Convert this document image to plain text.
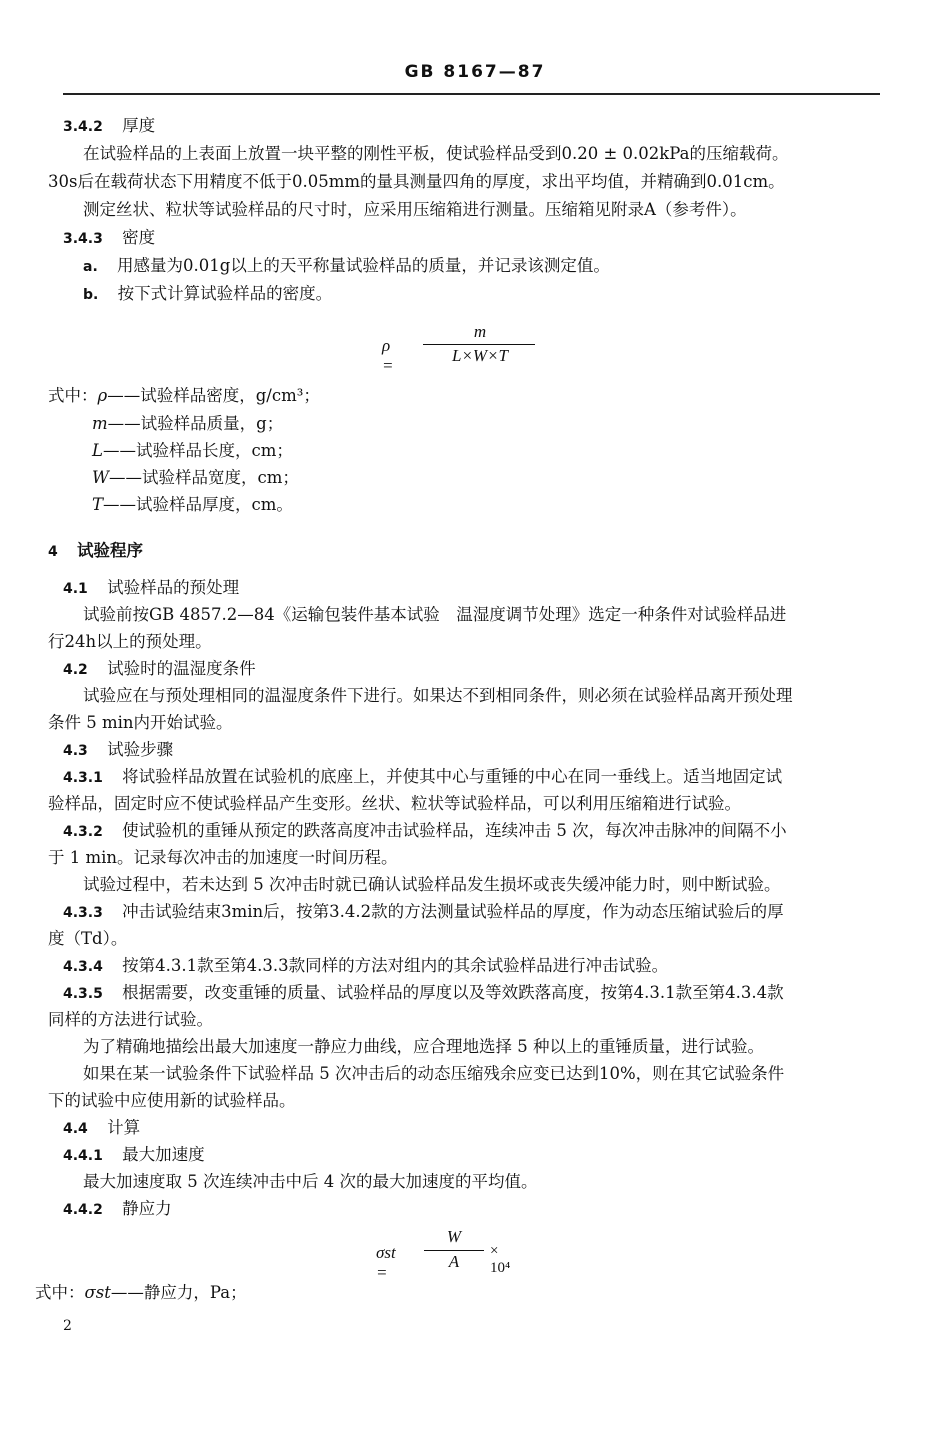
GB 8167—87
3.4.2 厚度
在试验样品的上表面上放置一块平整的刚性平板，使试验样品受到0.20 ± 0.02kPa的压缩载荷。
30s后在载荷状态下用精度不低于0.05mm的量具测量四角的厚度，求出平均值，并精确到0.01cm。
测定丝状、粒状等试验样品的尺寸时，应采用压缩箱进行测量。压缩箱见附录A（参考件）。
3.4.3 密度
a. 用感量为0.01g以上的天平称量试验样品的质量，并记录该测定值。
b. 按下式计算试验样品的密度。
ρ =
m
L×W×T
式中：ρ——试验样品密度，g/cm³；
m——试验样品质量，g；
L——试验样品长度，cm；
W——试验样品宽度，cm；
T——试验样品厚度，cm。
4 试验程序
4.1 试验样品的预处理
试验前按GB 4857.2—84《运输包装件基本试验　温湿度调节处理》选定一种条件对试验样品进
行24h以上的预处理。
4.2 试验时的温湿度条件
试验应在与预处理相同的温湿度条件下进行。如果达不到相同条件，则必须在试验样品离开预处理
条件 5 min内开始试验。
4.3 试验步骤
4.3.1 将试验样品放置在试验机的底座上，并使其中心与重锤的中心在同一垂线上。适当地固定试
验样品，固定时应不使试验样品产生变形。丝状、粒状等试验样品，可以利用压缩箱进行试验。
4.3.2 使试验机的重锤从预定的跌落高度冲击试验样品，连续冲击 5 次，每次冲击脉冲的间隔不小
于 1 min。记录每次冲击的加速度一时间历程。
试验过程中，若未达到 5 次冲击时就已确认试验样品发生损坏或丧失缓冲能力时，则中断试验。
4.3.3 冲击试验结束3min后，按第3.4.2款的方法测量试验样品的厚度，作为动态压缩试验后的厚
度（Td）。
4.3.4 按第4.3.1款至第4.3.3款同样的方法对组内的其余试验样品进行冲击试验。
4.3.5 根据需要，改变重锤的质量、试验样品的厚度以及等效跌落高度，按第4.3.1款至第4.3.4款
同样的方法进行试验。
为了精确地描绘出最大加速度一静应力曲线，应合理地选择 5 种以上的重锤质量，进行试验。
如果在某一试验条件下试验样品 5 次冲击后的动态压缩残余应变已达到10%，则在其它试验条件
下的试验中应使用新的试验样品。
4.4 计算
4.4.1 最大加速度
最大加速度取 5 次连续冲击中后 4 次的最大加速度的平均值。
4.4.2 静应力
σst =
W
A
× 10⁴
式中：σst——静应力，Pa；
2
